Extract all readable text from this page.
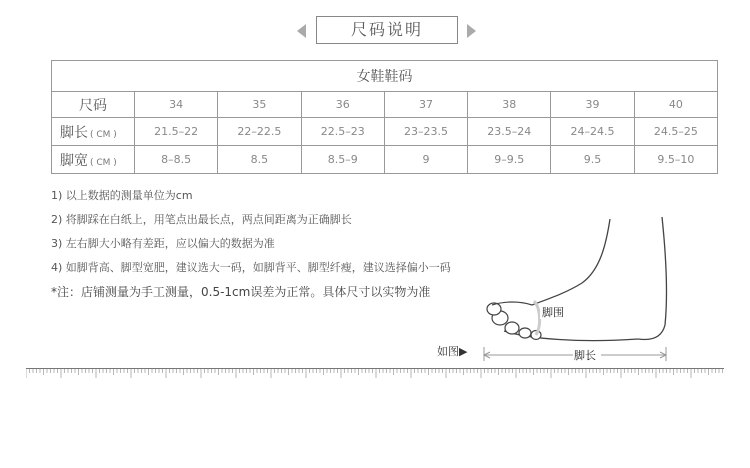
尺码说明
女鞋鞋码							
尺码	34	35	36	37	38	39	40
脚长 ( CM )	21.5–22	22–22.5	22.5–23	23–23.5	23.5–24	24–24.5	24.5–25
脚宽 ( CM )	8–8.5	8.5	8.5–9	9	9–9.5	9.5	9.5–10
1) 以上数据的测量单位为cm
2) 将脚踩在白纸上，用笔点出最长点，两点间距离为正确脚长
3) 左右脚大小略有差距，应以偏大的数据为准
4) 如脚背高、脚型宽肥，建议选大一码，如脚背平、脚型纤瘦，建议选择偏小一码
*注：店铺测量为手工测量，0.5-1cm误差为正常。具体尺寸以实物为准
如图▶
脚围
脚长
